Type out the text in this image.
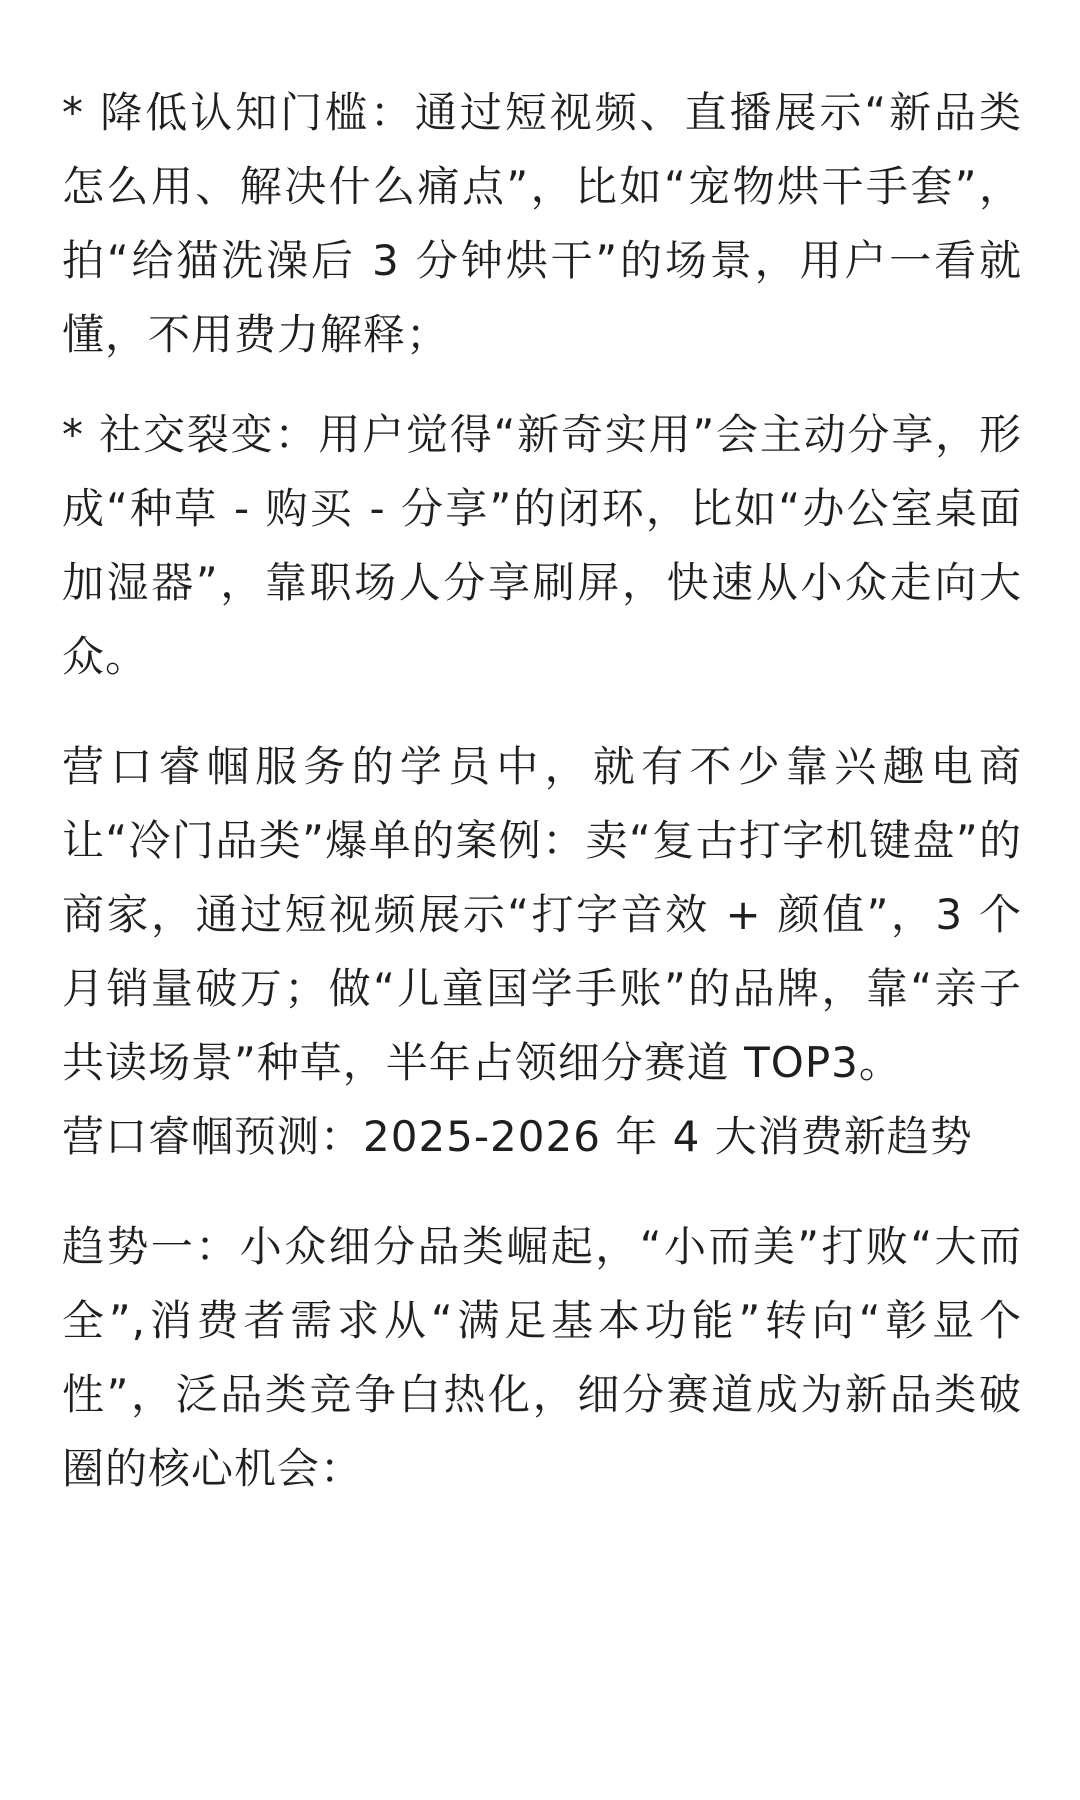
* 降低认知门槛：通过短视频、直播展示“新品类怎么用、解决什么痛点”，比如“宠物烘干手套”，拍“给猫洗澡后 3 分钟烘干”的场景，用户一看就懂，不用费力解释；

* 社交裂变：用户觉得“新奇实用”会主动分享，形成“种草 - 购买 - 分享”的闭环，比如“办公室桌面加湿器”，靠职场人分享刷屏，快速从小众走向大众。

营口睿帼服务的学员中，就有不少靠兴趣电商让“冷门品类”爆单的案例：卖“复古打字机键盘”的商家，通过短视频展示“打字音效 + 颜值”，3 个月销量破万；做“儿童国学手账”的品牌，靠“亲子共读场景”种草，半年占领细分赛道 TOP3。

营口睿帼预测：2025-2026 年 4 大消费新趋势

趋势一：小众细分品类崛起，“小而美”打败“大而全”,消费者需求从“满足基本功能”转向“彰显个性”，泛品类竞争白热化，细分赛道成为新品类破圈的核心机会：
